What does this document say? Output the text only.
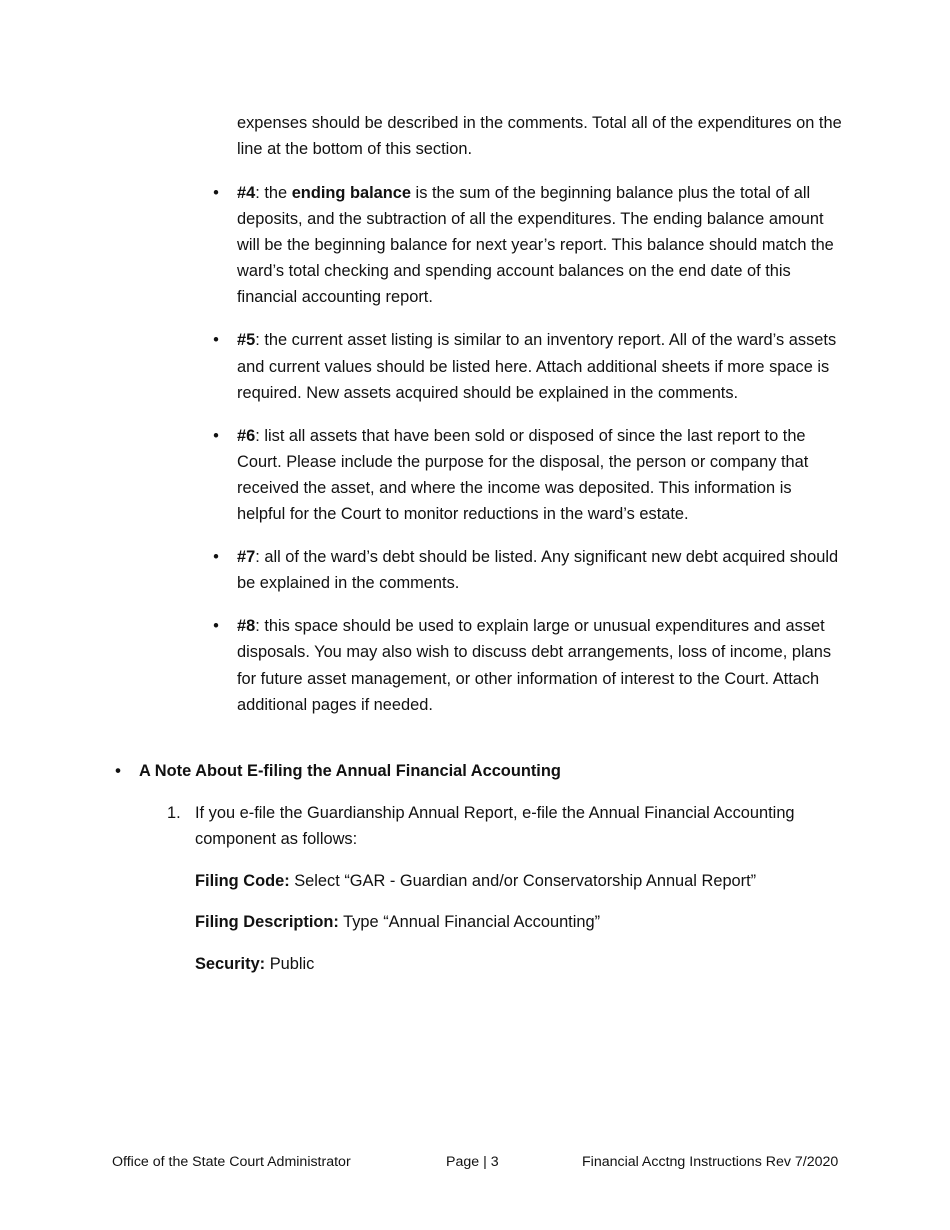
expenses should be described in the comments. Total all of the expenditures on the line at the bottom of this section.

• #4: the ending balance is the sum of the beginning balance plus the total of all deposits, and the subtraction of all the expenditures. The ending balance amount will be the beginning balance for next year’s report. This balance should match the ward’s total checking and spending account balances on the end date of this financial accounting report.
• #5: the current asset listing is similar to an inventory report. All of the ward’s assets and current values should be listed here. Attach additional sheets if more space is required. New assets acquired should be explained in the comments.
• #6: list all assets that have been sold or disposed of since the last report to the Court. Please include the purpose for the disposal, the person or company that received the asset, and where the income was deposited. This information is helpful for the Court to monitor reductions in the ward’s estate.
• #7: all of the ward’s debt should be listed. Any significant new debt acquired should be explained in the comments.
• #8: this space should be used to explain large or unusual expenditures and asset disposals. You may also wish to discuss debt arrangements, loss of income, plans for future asset management, or other information of interest to the Court. Attach additional pages if needed.
• A Note About E-filing the Annual Financial Accounting
1. If you e-file the Guardianship Annual Report, e-file the Annual Financial Accounting component as follows:
Filing Code: Select “GAR - Guardian and/or Conservatorship Annual Report”
Filing Description: Type “Annual Financial Accounting”
Security: Public
Office of the State Court Administrator	Page | 3	Financial Acctng Instructions Rev 7/2020
